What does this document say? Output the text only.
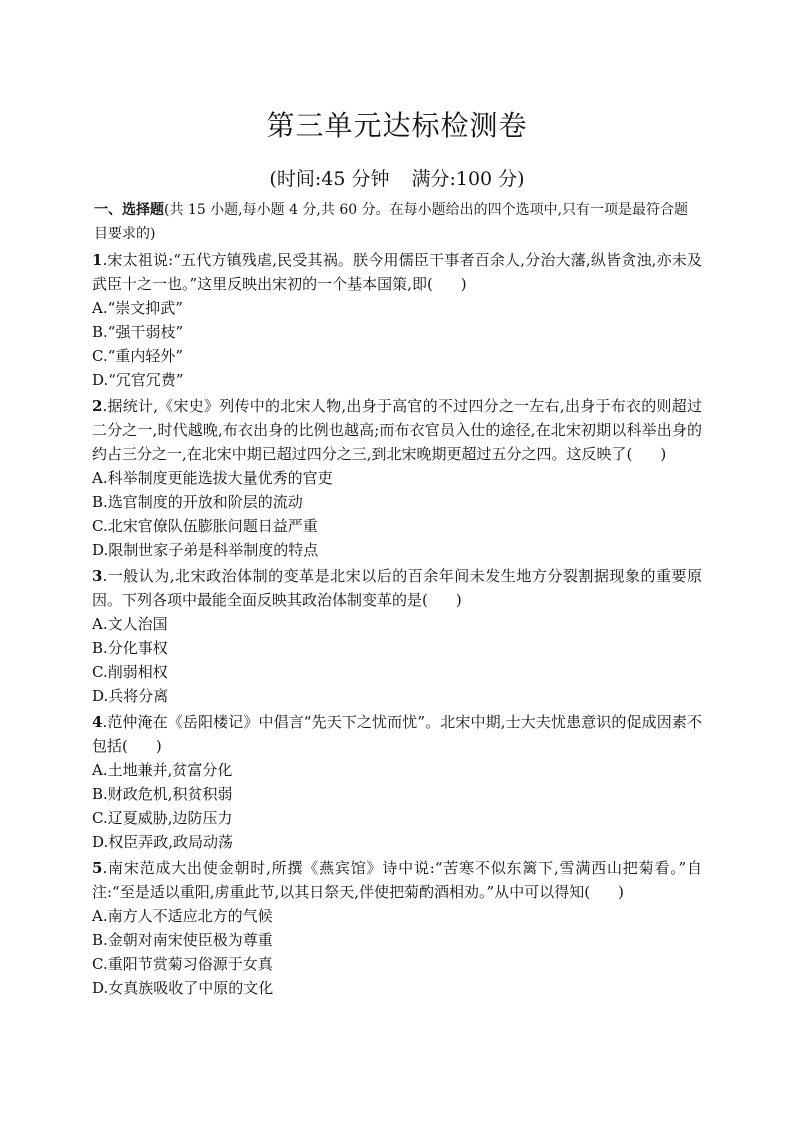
第三单元达标检测卷
(时间:45 分钟 满分:100 分)
一、选择题(共 15 小题,每小题 4 分,共 60 分。在每小题给出的四个选项中,只有一项是最符合题目要求的)
1.宋太祖说:“五代方镇残虐,民受其祸。朕今用儒臣干事者百余人,分治大藩,纵皆贪浊,亦未及武臣十之一也。”这里反映出宋初的一个基本国策,即( )
A.“崇文抑武”
B.“强干弱枝”
C.“重内轻外”
D.“冗官冗费”
2.据统计,《宋史》列传中的北宋人物,出身于高官的不过四分之一左右,出身于布衣的则超过二分之一,时代越晚,布衣出身的比例也越高;而布衣官员入仕的途径,在北宋初期以科举出身的约占三分之一,在北宋中期已超过四分之三,到北宋晚期更超过五分之四。这反映了( )
A.科举制度更能选拔大量优秀的官吏
B.选官制度的开放和阶层的流动
C.北宋官僚队伍膨胀问题日益严重
D.限制世家子弟是科举制度的特点
3.一般认为,北宋政治体制的变革是北宋以后的百余年间未发生地方分裂割据现象的重要原因。下列各项中最能全面反映其政治体制变革的是( )
A.文人治国
B.分化事权
C.削弱相权
D.兵将分离
4.范仲淹在《岳阳楼记》中倡言“先天下之忧而忧”。北宋中期,士大夫忧患意识的促成因素不包括( )
A.土地兼并,贫富分化
B.财政危机,积贫积弱
C.辽夏威胁,边防压力
D.权臣弄政,政局动荡
5.南宋范成大出使金朝时,所撰《燕宾馆》诗中说:“苦寒不似东篱下,雪满西山把菊看。”自注:“至是适以重阳,虏重此节,以其日祭天,伴使把菊酌酒相劝。”从中可以得知( )
A.南方人不适应北方的气候
B.金朝对南宋使臣极为尊重
C.重阳节赏菊习俗源于女真
D.女真族吸收了中原的文化
